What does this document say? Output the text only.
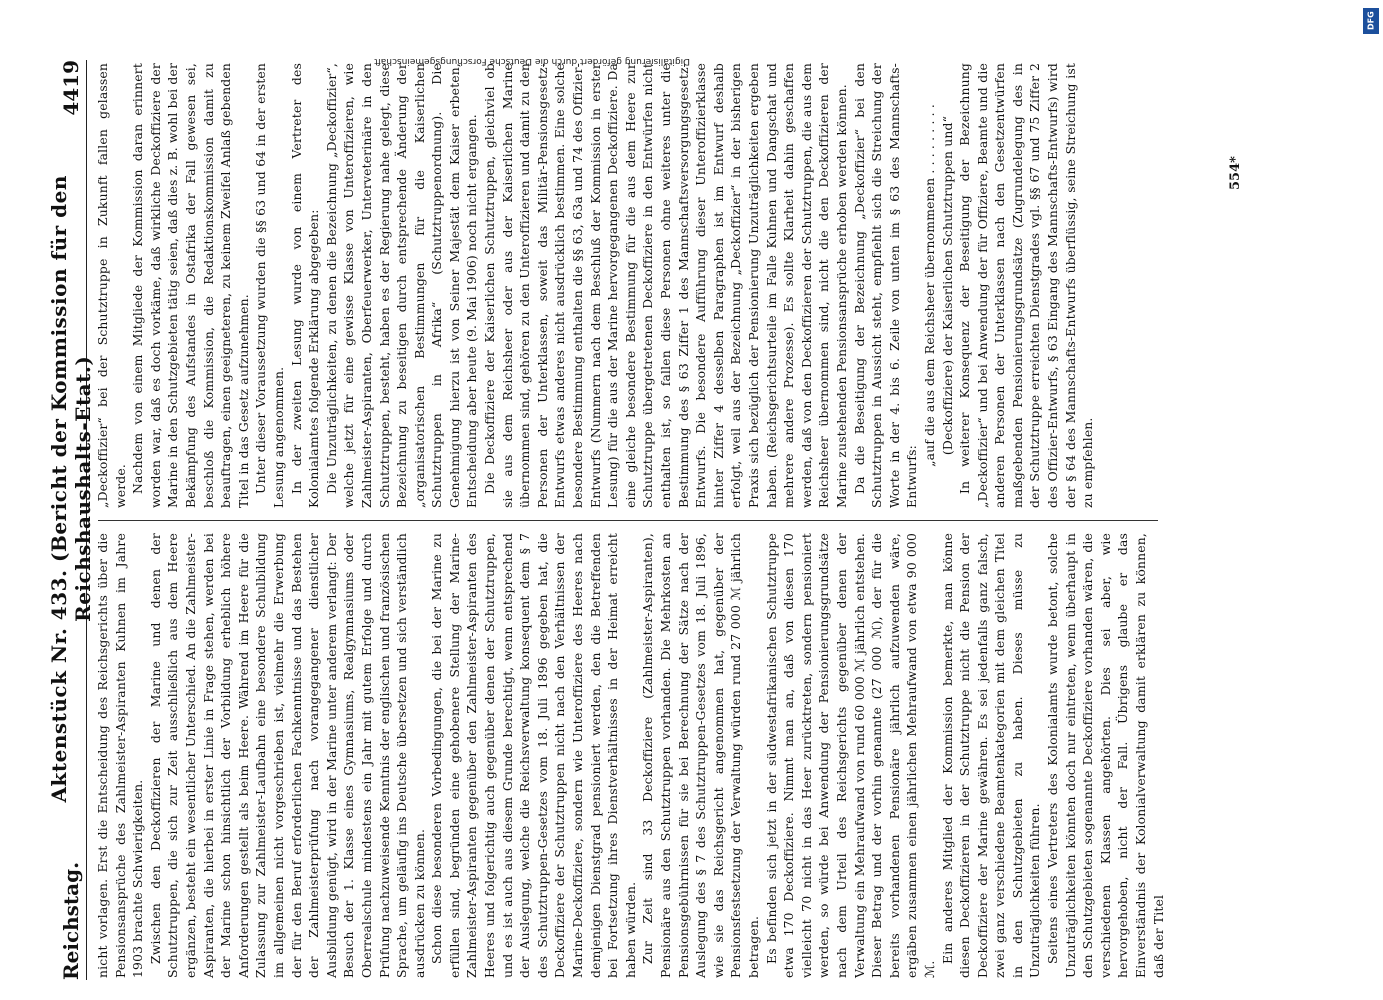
Reichstag.
Aktenstück Nr. 433. (Bericht der Kommission für den Reichshaushalts-Etat.)
4419

nicht vorlagen. Erst die Entscheidung des Reichsgerichts über die Pensionsansprüche des Zahlmeister-Aspiranten Kuhnen im Jahre 1903 brachte Schwierigkeiten. Zwischen den Deckoffizieren der Marine und denen der Schutztruppen, die sich zur Zeit ausschließlich aus dem Heere ergänzen, besteht ein wesentlicher Unterschied. An die Zahlmeister-Aspiranten, die hierbei in erster Linie in Frage stehen, werden bei der Marine schon hinsichtlich der Vorbildung erheblich höhere Anforderungen gestellt als beim Heere. Während im Heere für die Zulassung zur Zahlmeister-Laufbahn eine besondere Schulbildung im allgemeinen nicht vorgeschrieben ist, vielmehr die Erwerbung der für den Beruf erforderlichen Fachkenntnisse und das Bestehen der Zahlmeisterprüfung nach vorangegangener dienstlicher Ausbildung genügt, wird in der Marine unter anderem verlangt: Der Besuch der 1. Klasse eines Gymnasiums, Realgymnasiums oder Oberrealschule mindestens ein Jahr mit gutem Erfolge und durch Prüfung nachzuweisende Kenntnis der englischen und französischen Sprache, um geläufig ins Deutsche übersetzen und sich verständlich ausdrücken zu können. Schon diese besonderen Vorbedingungen, die bei der Marine zu erfüllen sind, begründen eine gehobenere Stellung der Marine-Zahlmeister-Aspiranten gegenüber den Zahlmeister-Aspiranten des Heeres und folgerichtig auch gegenüber denen der Schutztruppen, und es ist auch aus diesem Grunde berechtigt, wenn entsprechend der Auslegung, welche die Reichsverwaltung konsequent dem § 7 des Schutztruppen-Gesetzes vom 18. Juli 1896 gegeben hat, die Deckoffiziere der Schutztruppen nicht nach den Verhältnissen der Marine-Deckoffiziere, sondern wie Unteroffiziere des Heeres nach demjenigen Dienstgrad pensioniert werden, den die Betreffenden bei Fortsetzung ihres Dienstverhältnisses in der Heimat erreicht haben würden. Zur Zeit sind 33 Deckoffiziere (Zahlmeister-Aspiranten), Pensionäre aus den Schutztruppen vorhanden. Die Mehrkosten an Pensionsgebührnissen für sie bei Berechnung der Sätze nach der Auslegung des § 7 des Schutztruppen-Gesetzes vom 18. Juli 1896, wie sie das Reichsgericht angenommen hat, gegenüber der Pensionsfestsetzung der Verwaltung würden rund 27 000 ℳ jährlich betragen. Es befinden sich jetzt in der südwestafrikanischen Schutztruppe etwa 170 Deckoffiziere. Nimmt man an, daß von diesen 170 vielleicht 70 nicht in das Heer zurücktreten, sondern pensioniert werden, so würde bei Anwendung der Pensionierungsgrundsätze nach dem Urteil des Reichsgerichts gegenüber denen der Verwaltung ein Mehraufwand von rund 60 000 ℳ jährlich entstehen. Dieser Betrag und der vorhin genannte (27 000 ℳ), der für die bereits vorhandenen Pensionäre jährlich aufzuwenden wäre, ergäben zusammen einen jährlichen Mehraufwand von etwa 90 000 ℳ.

Ein anderes Mitglied der Kommission bemerkte, man könne diesen Deckoffizieren in der Schutztruppe nicht die Pension der Deckoffiziere der Marine gewähren. Es sei jedenfalls ganz falsch, zwei ganz verschiedene Beamtenkategorien mit dem gleichen Titel in den Schutzgebieten zu haben. Dieses müsse zu Unzuträglichkeiten führen. Seitens eines Vertreters des Kolonialamts wurde betont, solche Unzuträglichkeiten könnten doch nur eintreten, wenn überhaupt in den Schutzgebieten sogenannte Deckoffiziere vorhanden wären, die verschiedenen Klassen angehörten. Dies sei aber, wie hervorgehoben, nicht der Fall. Übrigens glaube er das Einverständnis der Kolonialverwaltung damit erklären zu können, daß der Titel

„Deckoffizier“ bei der Schutztruppe in Zukunft fallen gelassen werde. Nachdem von einem Mitgliede der Kommission daran erinnert worden war, daß es doch vorkäme, daß wirkliche Deckoffiziere der Marine in den Schutzgebieten tätig seien, daß dies z. B. wohl bei der Bekämpfung des Aufstandes in Ostafrika der Fall gewesen sei, beschloß die Kommission, die Redaktionskommission damit zu beauftragen, einen geeigneteren, zu keinem Zweifel Anlaß gebenden Titel in das Gesetz aufzunehmen. Unter dieser Voraussetzung wurden die §§ 63 und 64 in der ersten Lesung angenommen. In der zweiten Lesung wurde von einem Vertreter des Kolonialamtes folgende Erklärung abgegeben: Die Unzuträglichkeiten, zu denen die Bezeichnung „Deckoffizier“, welche jetzt für eine gewisse Klasse von Unteroffizieren, wie Zahlmeister-Aspiranten, Oberfeuerwerker, Unterveterinäre in den Schutztruppen, besteht, haben es der Regierung nahe gelegt, diese Bezeichnung zu beseitigen durch entsprechende Änderung der „organisatorischen Bestimmungen für die Kaiserlichen Schutztruppen in Afrika“ (Schutztruppenordnung). Die Genehmigung hierzu ist von Seiner Majestät dem Kaiser erbeten, Entscheidung aber heute (9. Mai 1906) noch nicht ergangen. Die Deckoffiziere der Kaiserlichen Schutztruppen, gleichviel ob sie aus dem Reichsheer oder aus der Kaiserlichen Marine übernommen sind, gehören zu den Unteroffizieren und damit zu den Personen der Unterklassen, soweit das Militär-Pensionsgesetz-Entwurfs etwas anderes nicht ausdrücklich bestimmen. Eine solche besondere Bestimmung enthalten die §§ 63, 63a und 74 des Offizier-Entwurfs (Nummern nach dem Beschluß der Kommission in erster Lesung) für die aus der Marine hervorgegangenen Deckoffiziere. Da eine gleiche besondere Bestimmung für die aus dem Heere zur Schutztruppe übergetretenen Deckoffiziere in den Entwürfen nicht enthalten ist, so fallen diese Personen ohne weiteres unter die Bestimmung des § 63 Ziffer 1 des Mannschaftsversorgungsgesetz-Entwurfs. Die besondere Aufführung dieser Unteroffizierklasse hinter Ziffer 4 desselben Paragraphen ist im Entwurf deshalb erfolgt, weil aus der Bezeichnung „Deckoffizier“ in der bisherigen Praxis sich bezüglich der Pensionierung Unzuträglichkeiten ergeben haben. (Reichsgerichtsurteile im Falle Kuhnen und Dangschat und mehrere andere Prozesse). Es sollte Klarheit dahin geschaffen werden, daß von den Deckoffizieren der Schutztruppen, die aus dem Reichsheer übernommen sind, nicht die den Deckoffizieren der Marine zustehenden Pensionsansprüche erhoben werden können. Da die Beseitigung der Bezeichnung „Deckoffizier“ bei den Schutztruppen in Aussicht steht, empfiehlt sich die Streichung der Worte in der 4. bis 6. Zeile von unten im § 63 des Mannschafts-Entwurfs:

„auf die aus dem Reichsheer übernommenen . . . . . . . . . (Deckoffiziere) der Kaiserlichen Schutztruppen und“ In weiterer Konsequenz der Beseitigung der Bezeichnung „Deckoffizier“ und bei Anwendung der für Offiziere, Beamte und die anderen Personen der Unterklassen nach den Gesetzentwürfen maßgebenden Pensionierungsgrundsätze (Zugrundelegung des in der Schutztruppe erreichten Dienstgrades vgl. §§ 67 und 75 Ziffer 2 des Offizier-Entwurfs, § 63 Eingang des Mannschafts-Entwurfs) wird der § 64 des Mannschafts-Entwurfs überflüssig, seine Streichung ist zu empfehlen.

554*
Digitalisierung gefördert durch die Deutsche Forschungsgemeinschaft
DFG
